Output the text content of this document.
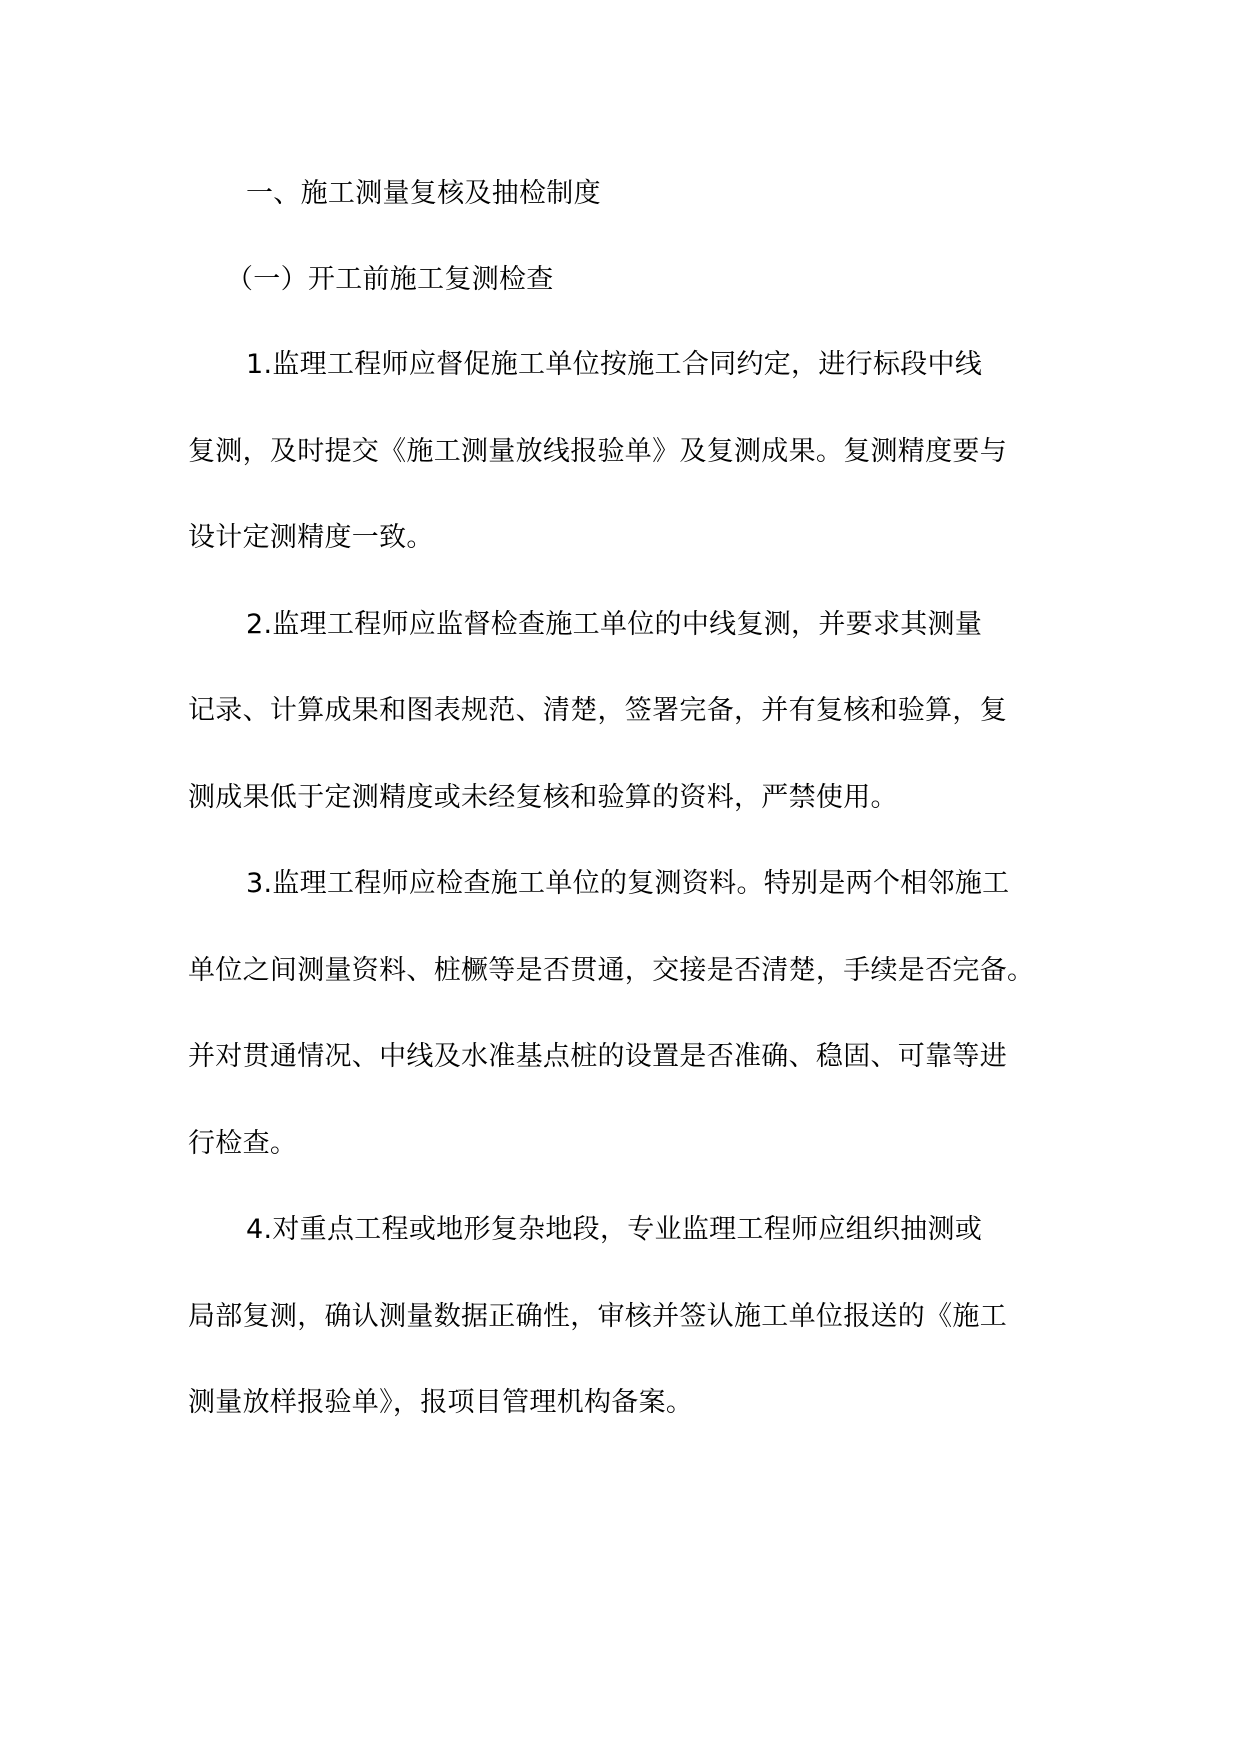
一、施工测量复核及抽检制度
（一）开工前施工复测检查
1.监理工程师应督促施工单位按施工合同约定，进行标段中线
复测，及时提交《施工测量放线报验单》及复测成果。复测精度要与
设计定测精度一致。
2.监理工程师应监督检查施工单位的中线复测，并要求其测量
记录、计算成果和图表规范、清楚，签署完备，并有复核和验算，复
测成果低于定测精度或未经复核和验算的资料，严禁使用。
3.监理工程师应检查施工单位的复测资料。特别是两个相邻施工
单位之间测量资料、桩橛等是否贯通，交接是否清楚，手续是否完备。
并对贯通情况、中线及水准基点桩的设置是否准确、稳固、可靠等进
行检查。
4.对重点工程或地形复杂地段，专业监理工程师应组织抽测或
局部复测，确认测量数据正确性，审核并签认施工单位报送的《施工
测量放样报验单》，报项目管理机构备案。
